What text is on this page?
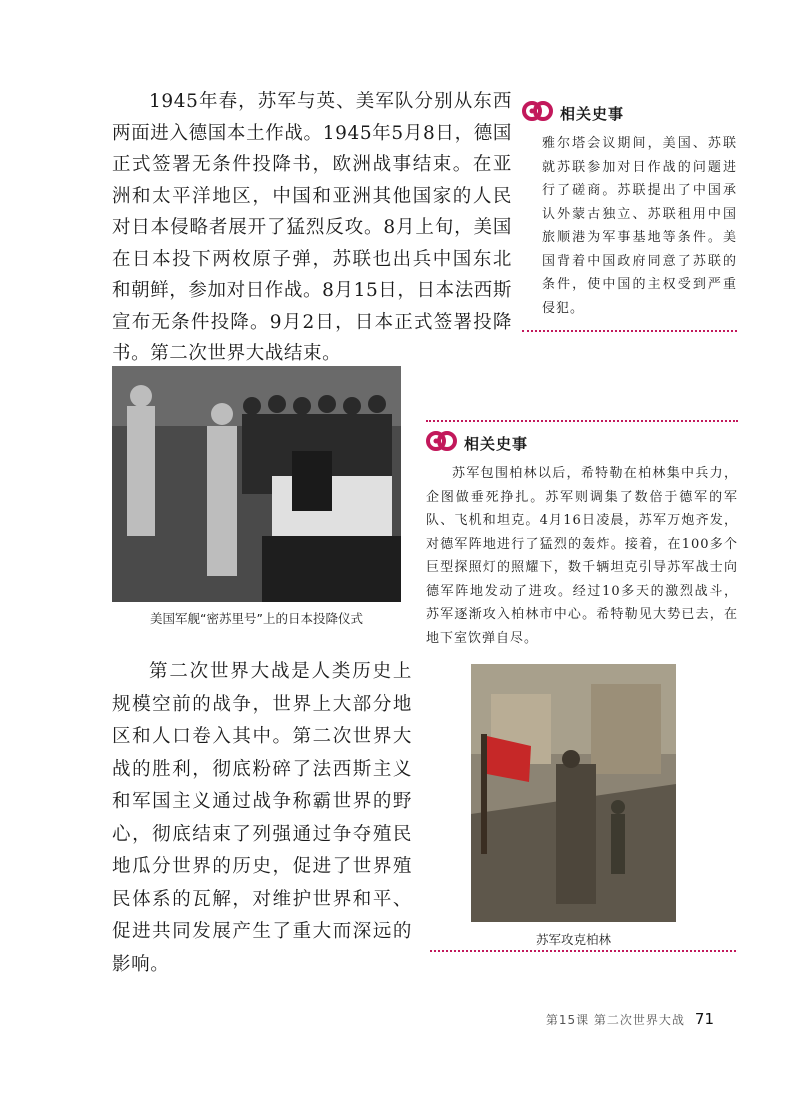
1945年春，苏军与英、美军队分别从东西两面进入德国本土作战。1945年5月8日，德国正式签署无条件投降书，欧洲战事结束。在亚洲和太平洋地区，中国和亚洲其他国家的人民对日本侵略者展开了猛烈反攻。8月上旬，美国在日本投下两枚原子弹，苏联也出兵中国东北和朝鲜，参加对日作战。8月15日，日本法西斯宣布无条件投降。9月2日，日本正式签署投降书。第二次世界大战结束。

相关史事

雅尔塔会议期间，美国、苏联就苏联参加对日作战的问题进行了磋商。苏联提出了中国承认外蒙古独立、苏联租用中国旅顺港为军事基地等条件。美国背着中国政府同意了苏联的条件，使中国的主权受到严重侵犯。

美国军舰“密苏里号”上的日本投降仪式
相关史事

苏军包围柏林以后，希特勒在柏林集中兵力，企图做垂死挣扎。苏军则调集了数倍于德军的军队、飞机和坦克。4月16日凌晨，苏军万炮齐发，对德军阵地进行了猛烈的轰炸。接着，在100多个巨型探照灯的照耀下，数千辆坦克引导苏军战士向德军阵地发动了进攻。经过10多天的激烈战斗，苏军逐渐攻入柏林市中心。希特勒见大势已去，在地下室饮弹自尽。

苏军攻克柏林

第二次世界大战是人类历史上规模空前的战争，世界上大部分地区和人口卷入其中。第二次世界大战的胜利，彻底粉碎了法西斯主义和军国主义通过战争称霸世界的野心，彻底结束了列强通过争夺殖民地瓜分世界的历史，促进了世界殖民体系的瓦解，对维护世界和平、促进共同发展产生了重大而深远的影响。

第15课 第二次世界大战 71
